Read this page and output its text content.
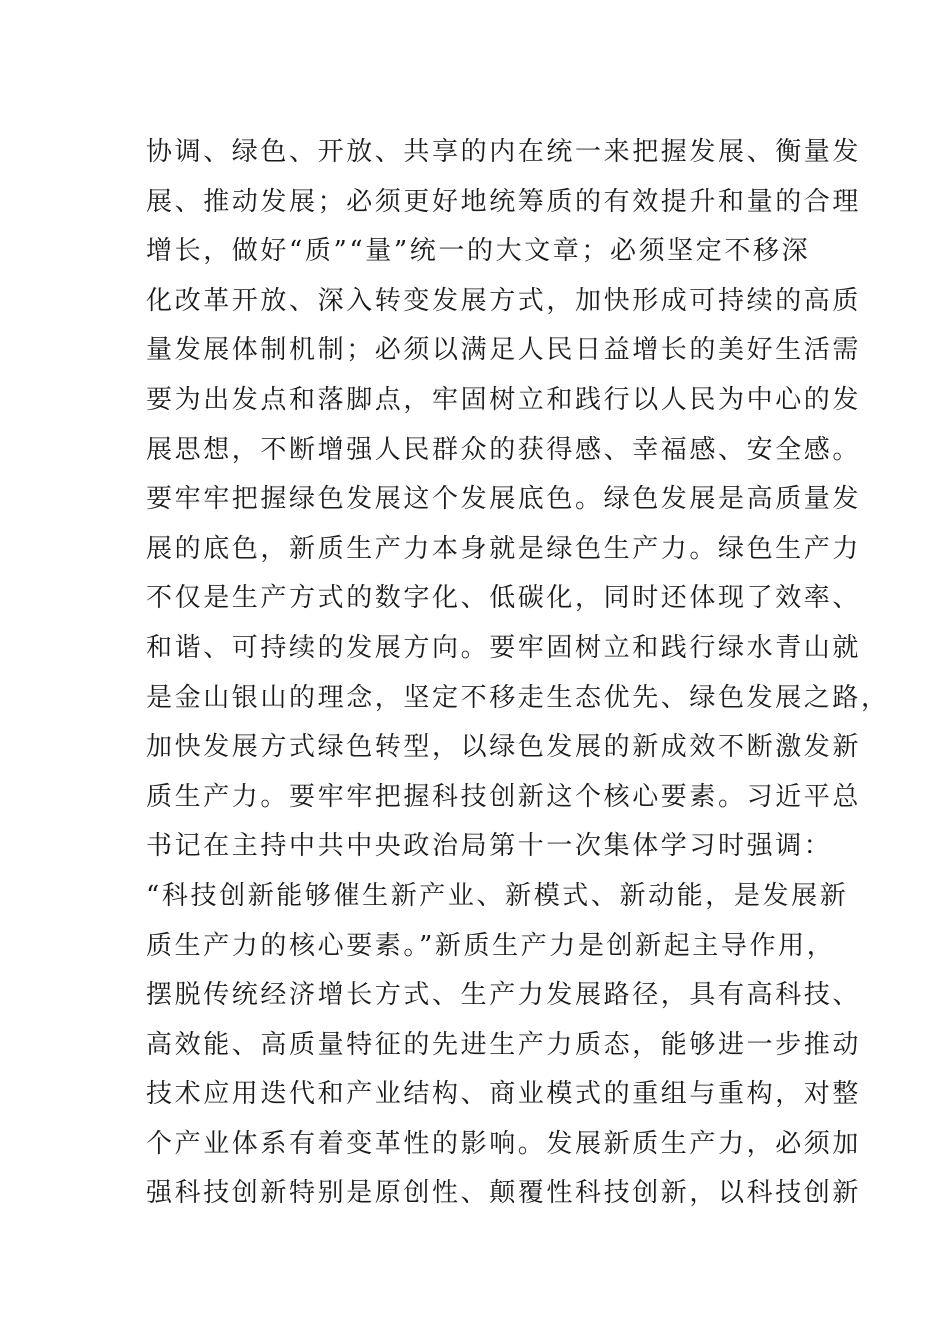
协调、绿色、开放、共享的内在统一来把握发展、衡量发
展、推动发展；必须更好地统筹质的有效提升和量的合理
增长，做好“质”“量”统一的大文章；必须坚定不移深
化改革开放、深入转变发展方式，加快形成可持续的高质
量发展体制机制；必须以满足人民日益增长的美好生活需
要为出发点和落脚点，牢固树立和践行以人民为中心的发
展思想，不断增强人民群众的获得感、幸福感、安全感。
要牢牢把握绿色发展这个发展底色。绿色发展是高质量发
展的底色，新质生产力本身就是绿色生产力。绿色生产力
不仅是生产方式的数字化、低碳化，同时还体现了效率、
和谐、可持续的发展方向。要牢固树立和践行绿水青山就
是金山银山的理念，坚定不移走生态优先、绿色发展之路，
加快发展方式绿色转型，以绿色发展的新成效不断激发新
质生产力。要牢牢把握科技创新这个核心要素。习近平总
书记在主持中共中央政治局第十一次集体学习时强调：
“科技创新能够催生新产业、新模式、新动能，是发展新
质生产力的核心要素。”新质生产力是创新起主导作用，
摆脱传统经济增长方式、生产力发展路径，具有高科技、
高效能、高质量特征的先进生产力质态，能够进一步推动
技术应用迭代和产业结构、商业模式的重组与重构，对整
个产业体系有着变革性的影响。发展新质生产力，必须加
强科技创新特别是原创性、颠覆性科技创新，以科技创新
